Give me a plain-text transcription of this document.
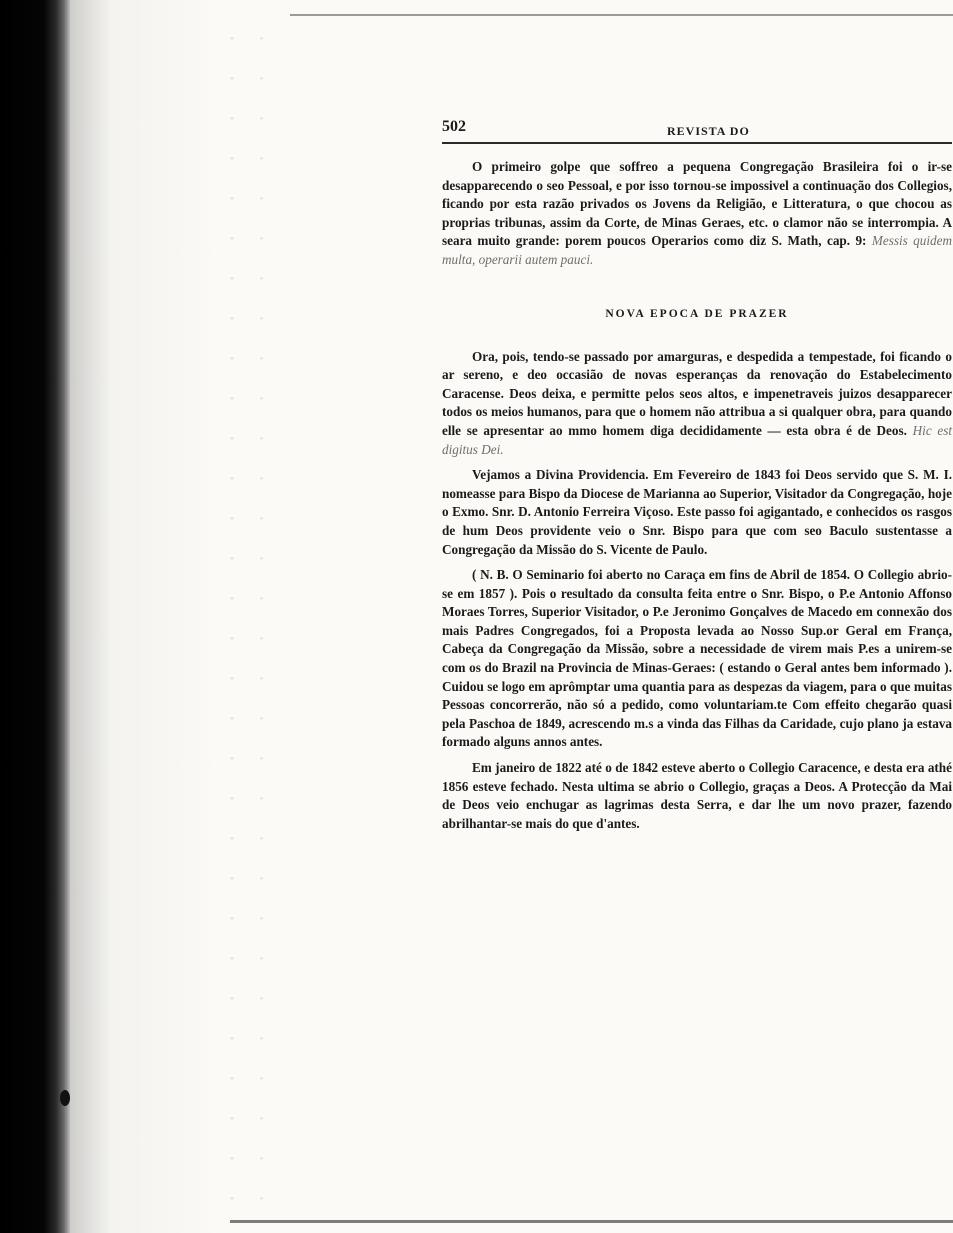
502	REVISTA DO

O primeiro golpe que soffreo a pequena Congregação Brasileira foi o ir-se desapparecendo o seo Pessoal, e por isso tornou-se impossivel a continuação dos Collegios, ficando por esta razão privados os Jovens da Religião, e Litteratura, o que chocou as proprias tribunas, assim da Corte, de Minas Geraes, etc. o clamor não se interrompia. A seara muito grande: porem poucos Operarios como diz S. Math, cap. 9: Messis quidem multa, operarii autem pauci.

NOVA EPOCA DE PRAZER

Ora, pois, tendo-se passado por amarguras, e despedida a tempestade, foi ficando o ar sereno, e deo occasião de novas esperanças da renovação do Estabelecimento Caracense. Deos deixa, e permitte pelos seos altos, e impenetraveis juizos desapparecer todos os meios humanos, para que o homem não attribua a si qualquer obra, para quando elle se apresentar ao mmo homem diga decididamente — esta obra é de Deos. Hic est digitus Dei.

Vejamos a Divina Providencia. Em Fevereiro de 1843 foi Deos servido que S. M. I. nomeasse para Bispo da Diocese de Marianna ao Superior, Visitador da Congregação, hoje o Exmo. Snr. D. Antonio Ferreira Viçoso. Este passo foi agigantado, e conhecidos os rasgos de hum Deos providente veio o Snr. Bispo para que com seo Baculo sustentasse a Congregação da Missão do S. Vicente de Paulo.

( N. B. O Seminario foi aberto no Caraça em fins de Abril de 1854. O Collegio abrio-se em 1857 ). Pois o resultado da consulta feita entre o Snr. Bispo, o P.e Antonio Affonso Moraes Torres, Superior Visitador, o P.e Jeronimo Gonçalves de Macedo em connexão dos mais Padres Congregados, foi a Proposta levada ao Nosso Sup.or Geral em França, Cabeça da Congregação da Missão, sobre a necessidade de virem mais P.es a unirem-se com os do Brazil na Provincia de Minas-Geraes: ( estando o Geral antes bem informado ). Cuidou se logo em aprômptar uma quantia para as despezas da viagem, para o que muitas Pessoas concorrerão, não só a pedido, como voluntariam.te Com effeito chegarão quasi pela Paschoa de 1849, acrescendo m.s a vinda das Filhas da Caridade, cujo plano ja estava formado alguns annos antes.

Em janeiro de 1822 até o de 1842 esteve aberto o Collegio Caracence, e desta era athé 1856 esteve fechado. Nesta ultima se abrio o Collegio, graças a Deos. A Protecção da Mai de Deos veio enchugar as lagrimas desta Serra, e dar lhe um novo prazer, fazendo abrilhantar-se mais do que d'antes.
